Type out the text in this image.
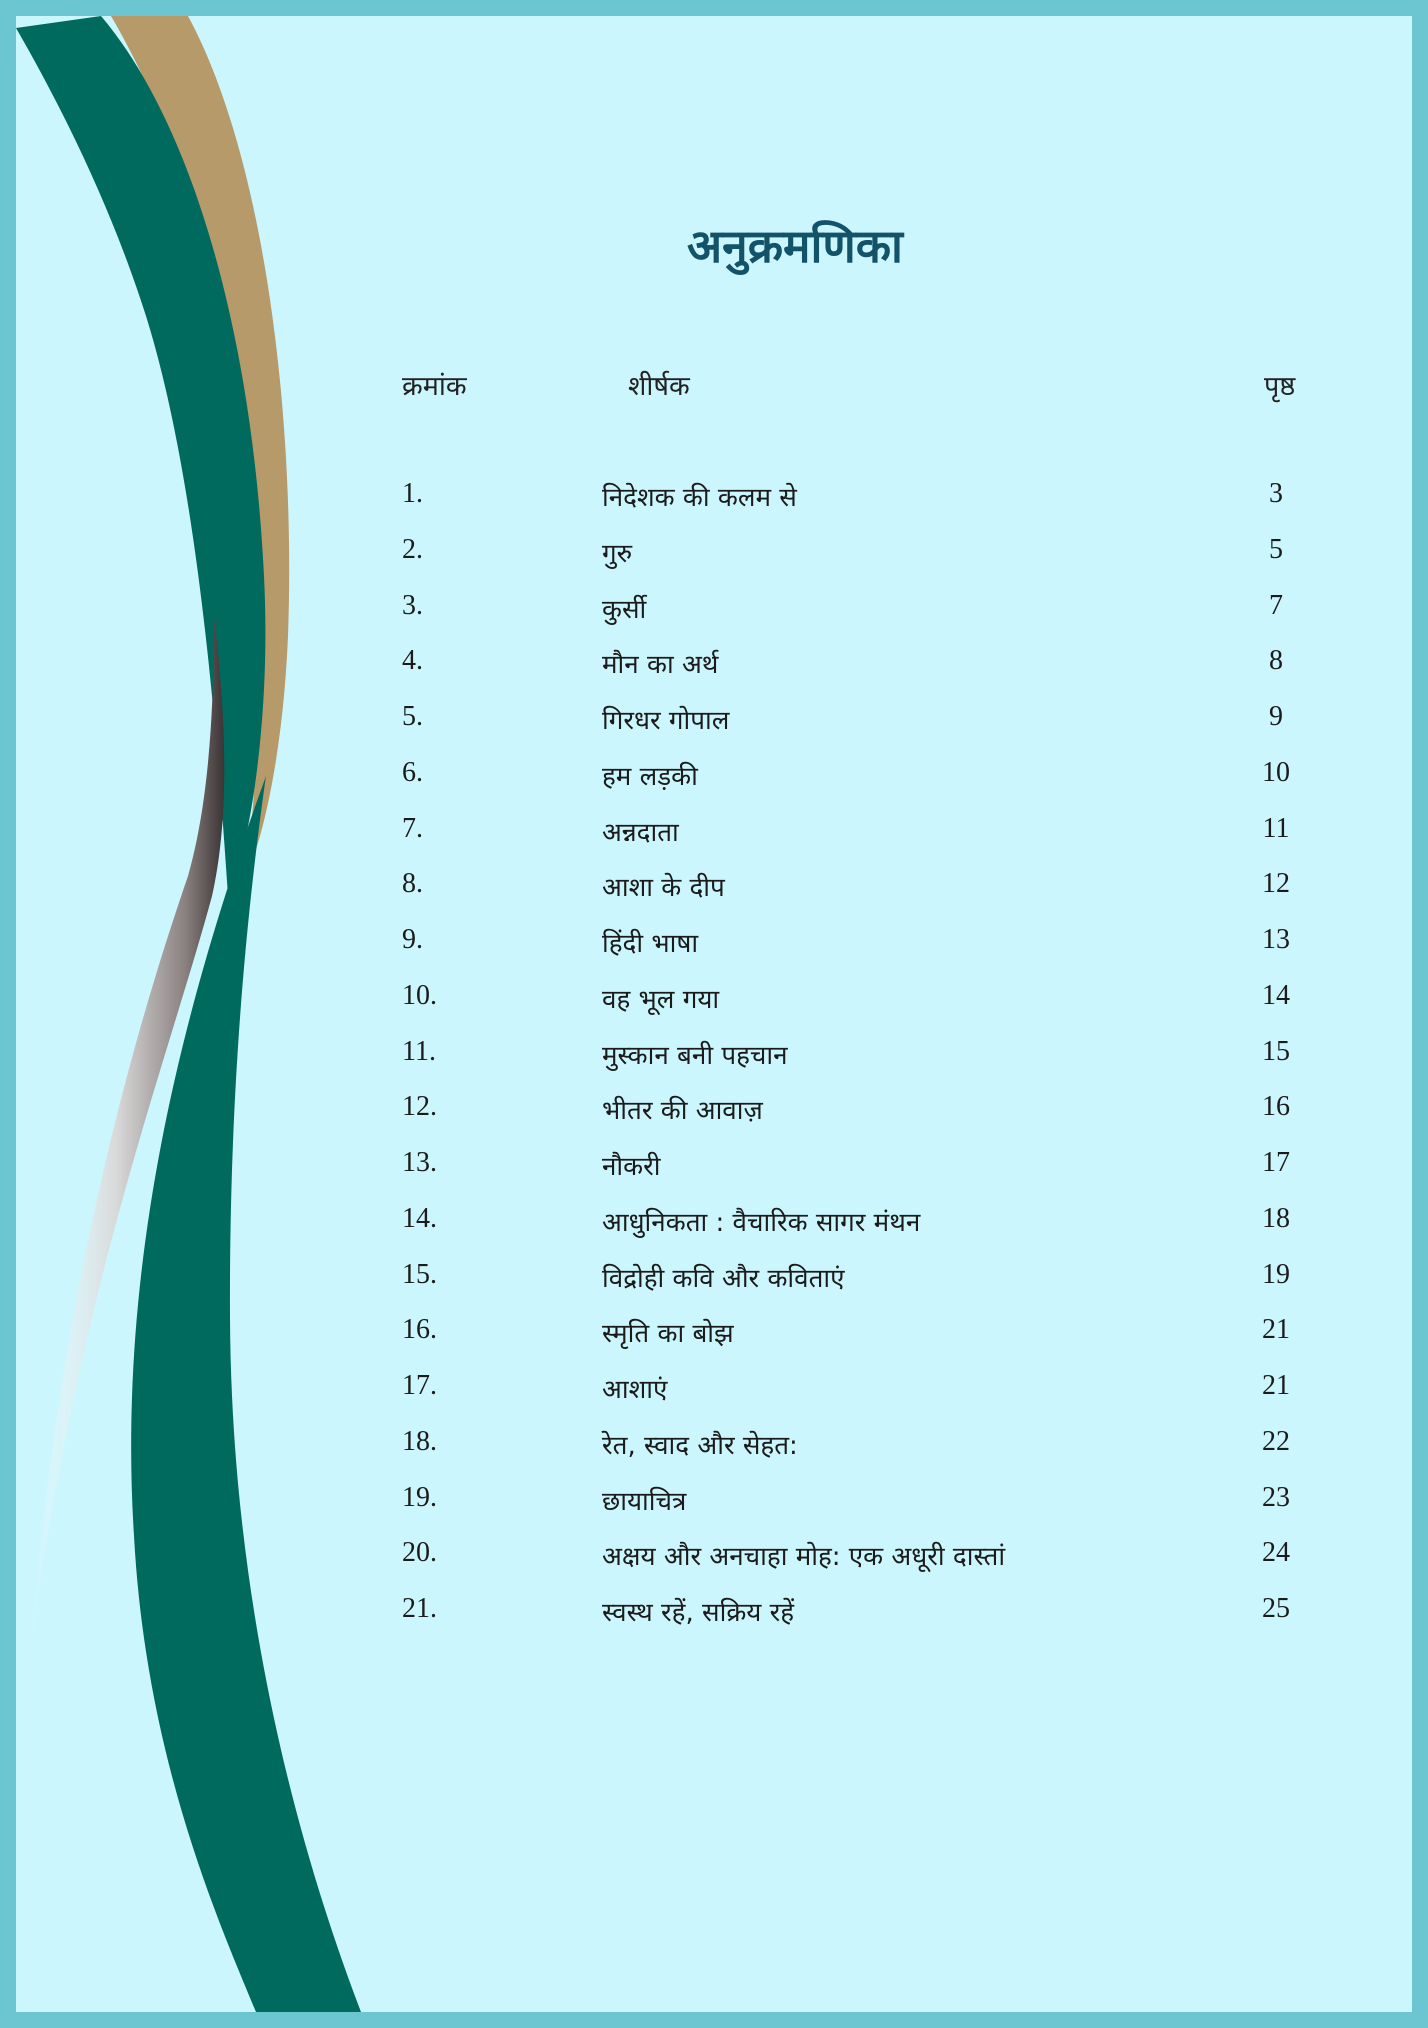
अनुक्रमणिका
क्रमांक	शीर्षक	पृष्ठ
1.	निदेशक की कलम से	3
2.	गुरु	5
3.	कुर्सी	7
4.	मौन का अर्थ	8
5.	गिरधर गोपाल	9
6.	हम लड़की	10
7.	अन्नदाता	11
8.	आशा के दीप	12
9.	हिंदी भाषा	13
10.	वह भूल गया	14
11.	मुस्कान बनी पहचान	15
12.	भीतर की आवाज़	16
13.	नौकरी	17
14.	आधुनिकता : वैचारिक सागर मंथन	18
15.	विद्रोही कवि और कविताएं	19
16.	स्मृति का बोझ	21
17.	आशाएं	21
18.	रेत, स्वाद और सेहत:	22
19.	छायाचित्र	23
20.	अक्षय और अनचाहा मोह: एक अधूरी दास्तां	24
21.	स्वस्थ रहें, सक्रिय रहें	25
